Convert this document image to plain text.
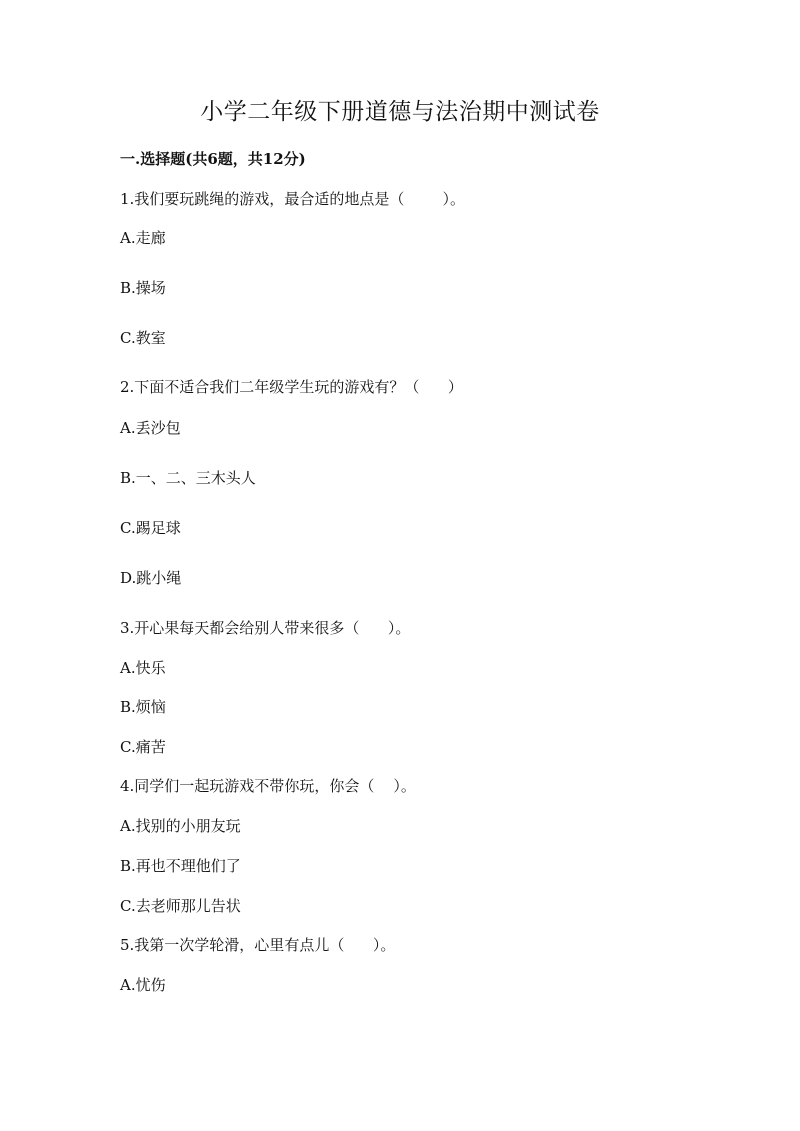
小学二年级下册道德与法治期中测试卷
一.选择题(共6题，共12分)
1.我们要玩跳绳的游戏，最合适的地点是（        ）。
A.走廊
B.操场
C.教室
2.下面不适合我们二年级学生玩的游戏有？（      ）
A.丢沙包
B.一、二、三木头人
C.踢足球
D.跳小绳
3.开心果每天都会给别人带来很多（      ）。
A.快乐
B.烦恼
C.痛苦
4.同学们一起玩游戏不带你玩，你会（    ）。
A.找别的小朋友玩
B.再也不理他们了
C.去老师那儿告状
5.我第一次学轮滑，心里有点儿（      ）。
A.忧伤
